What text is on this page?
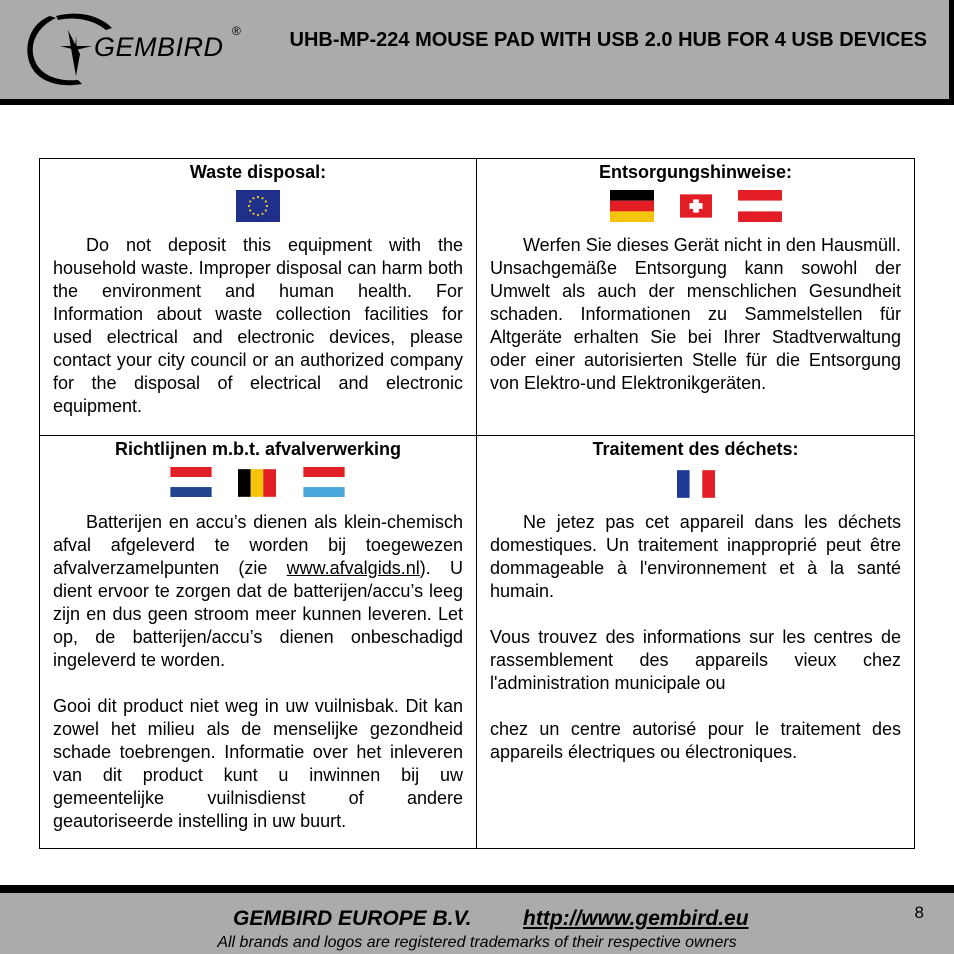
GEMBIRD
® UHB-MP-224 MOUSE PAD WITH USB 2.0 HUB FOR 4 USB DEVICES
Waste disposal:

Do not deposit this equipment with the household waste. Improper disposal can harm both the environment and human health. For Information about waste collection facilities for used electrical and electronic devices, please contact your city council or an authorized company for the disposal of electrical and electronic equipment.

Entsorgungshinweise:

Werfen Sie dieses Gerät nicht in den Hausmüll. Unsachgemäße Entsorgung kann sowohl der Umwelt als auch der menschlichen Gesundheit schaden. Informationen zu Sammelstellen für Altgeräte erhalten Sie bei Ihrer Stadtverwaltung oder einer autorisierten Stelle für die Entsorgung von Elektro-und Elektronikgeräten.

Richtlijnen m.b.t. afvalverwerking

Batterijen en accu’s dienen als klein-chemisch afval afgeleverd te worden bij toegewezen afvalverzamelpunten (zie www.afvalgids.nl). U dient ervoor te zorgen dat de batterijen/accu’s leeg zijn en dus geen stroom meer kunnen leveren. Let op, de batterijen/accu’s dienen onbeschadigd ingeleverd te worden.

Gooi dit product niet weg in uw vuilnisbak. Dit kan zowel het milieu als de menselijke gezondheid schade toebrengen. Informatie over het inleveren van dit product kunt u inwinnen bij uw gemeentelijke vuilnisdienst of andere geautoriseerde instelling in uw buurt.

Traitement des déchets:

Ne jetez pas cet appareil dans les déchets domestiques. Un traitement inapproprié peut être dommageable à l'environnement et à la santé humain.

Vous trouvez des informations sur les centres de rassemblement des appareils vieux chez l'administration municipale ou

chez un centre autorisé pour le traitement des appareils électriques ou électroniques.

GEMBIRD EUROPE B.V. http://www.gembird.eu
All brands and logos are registered trademarks of their respective owners
8
